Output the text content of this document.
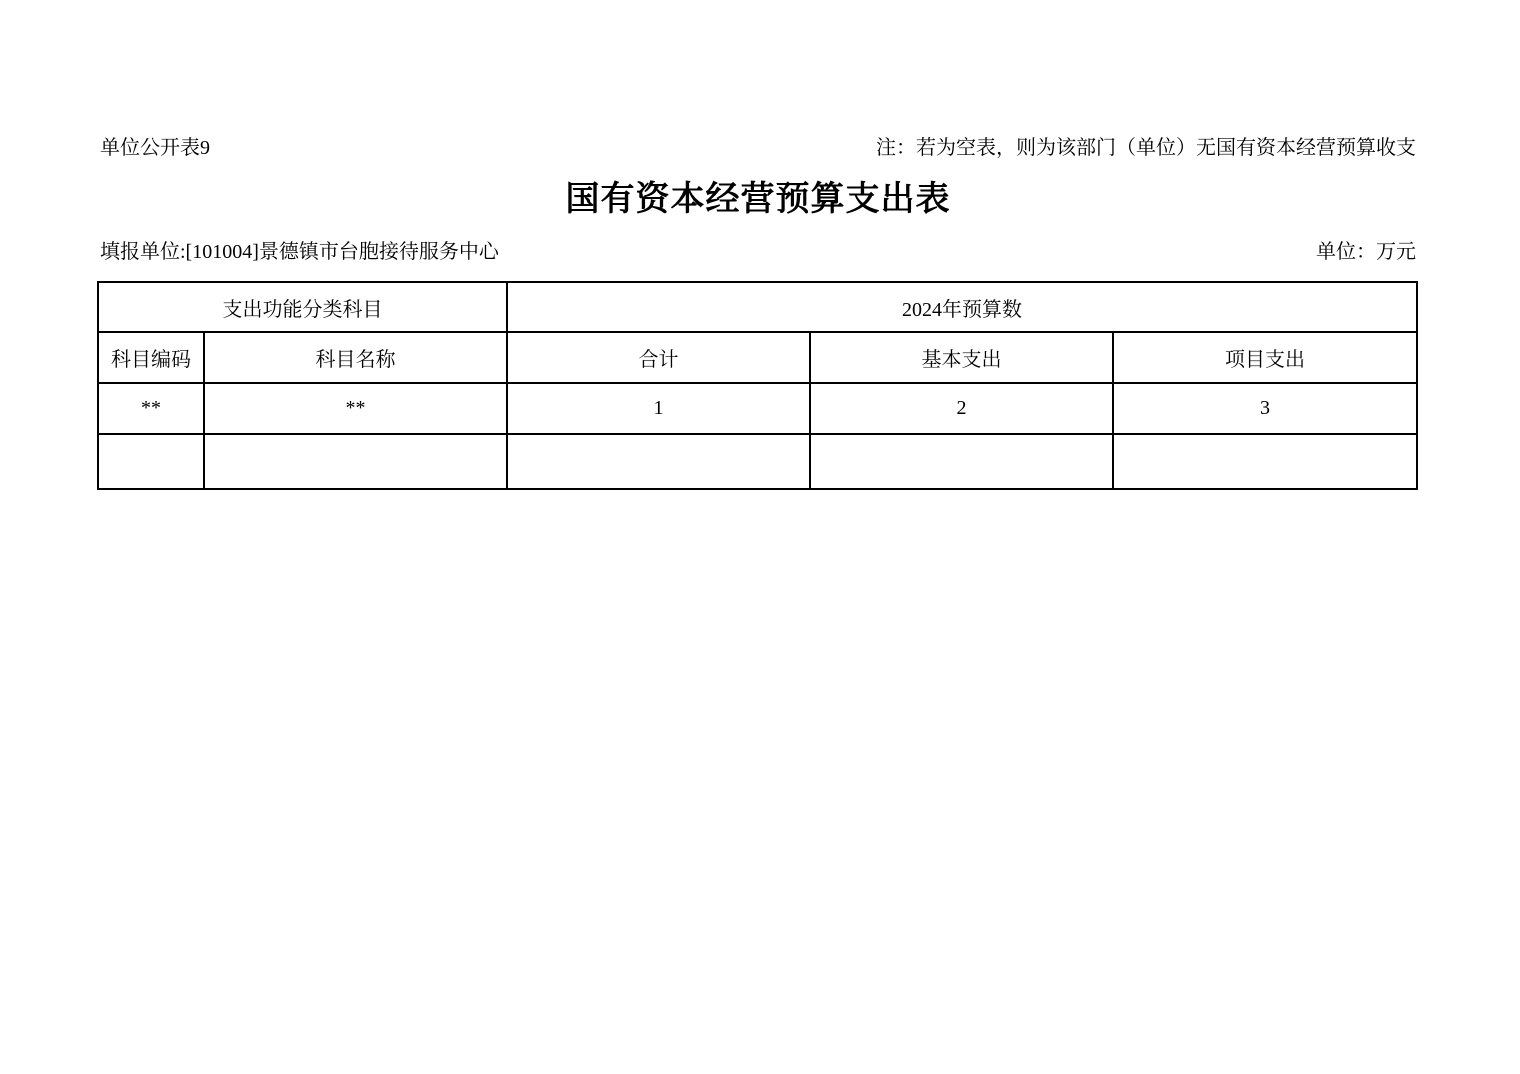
单位公开表9	注：若为空表，则为该部门（单位）无国有资本经营预算收支
国有资本经营预算支出表
填报单位:[101004]景德镇市台胞接待服务中心	单位：万元
支出功能分类科目		2024年预算数		
科目编码	科目名称	合计	基本支出	项目支出
**	**	1	2	3
